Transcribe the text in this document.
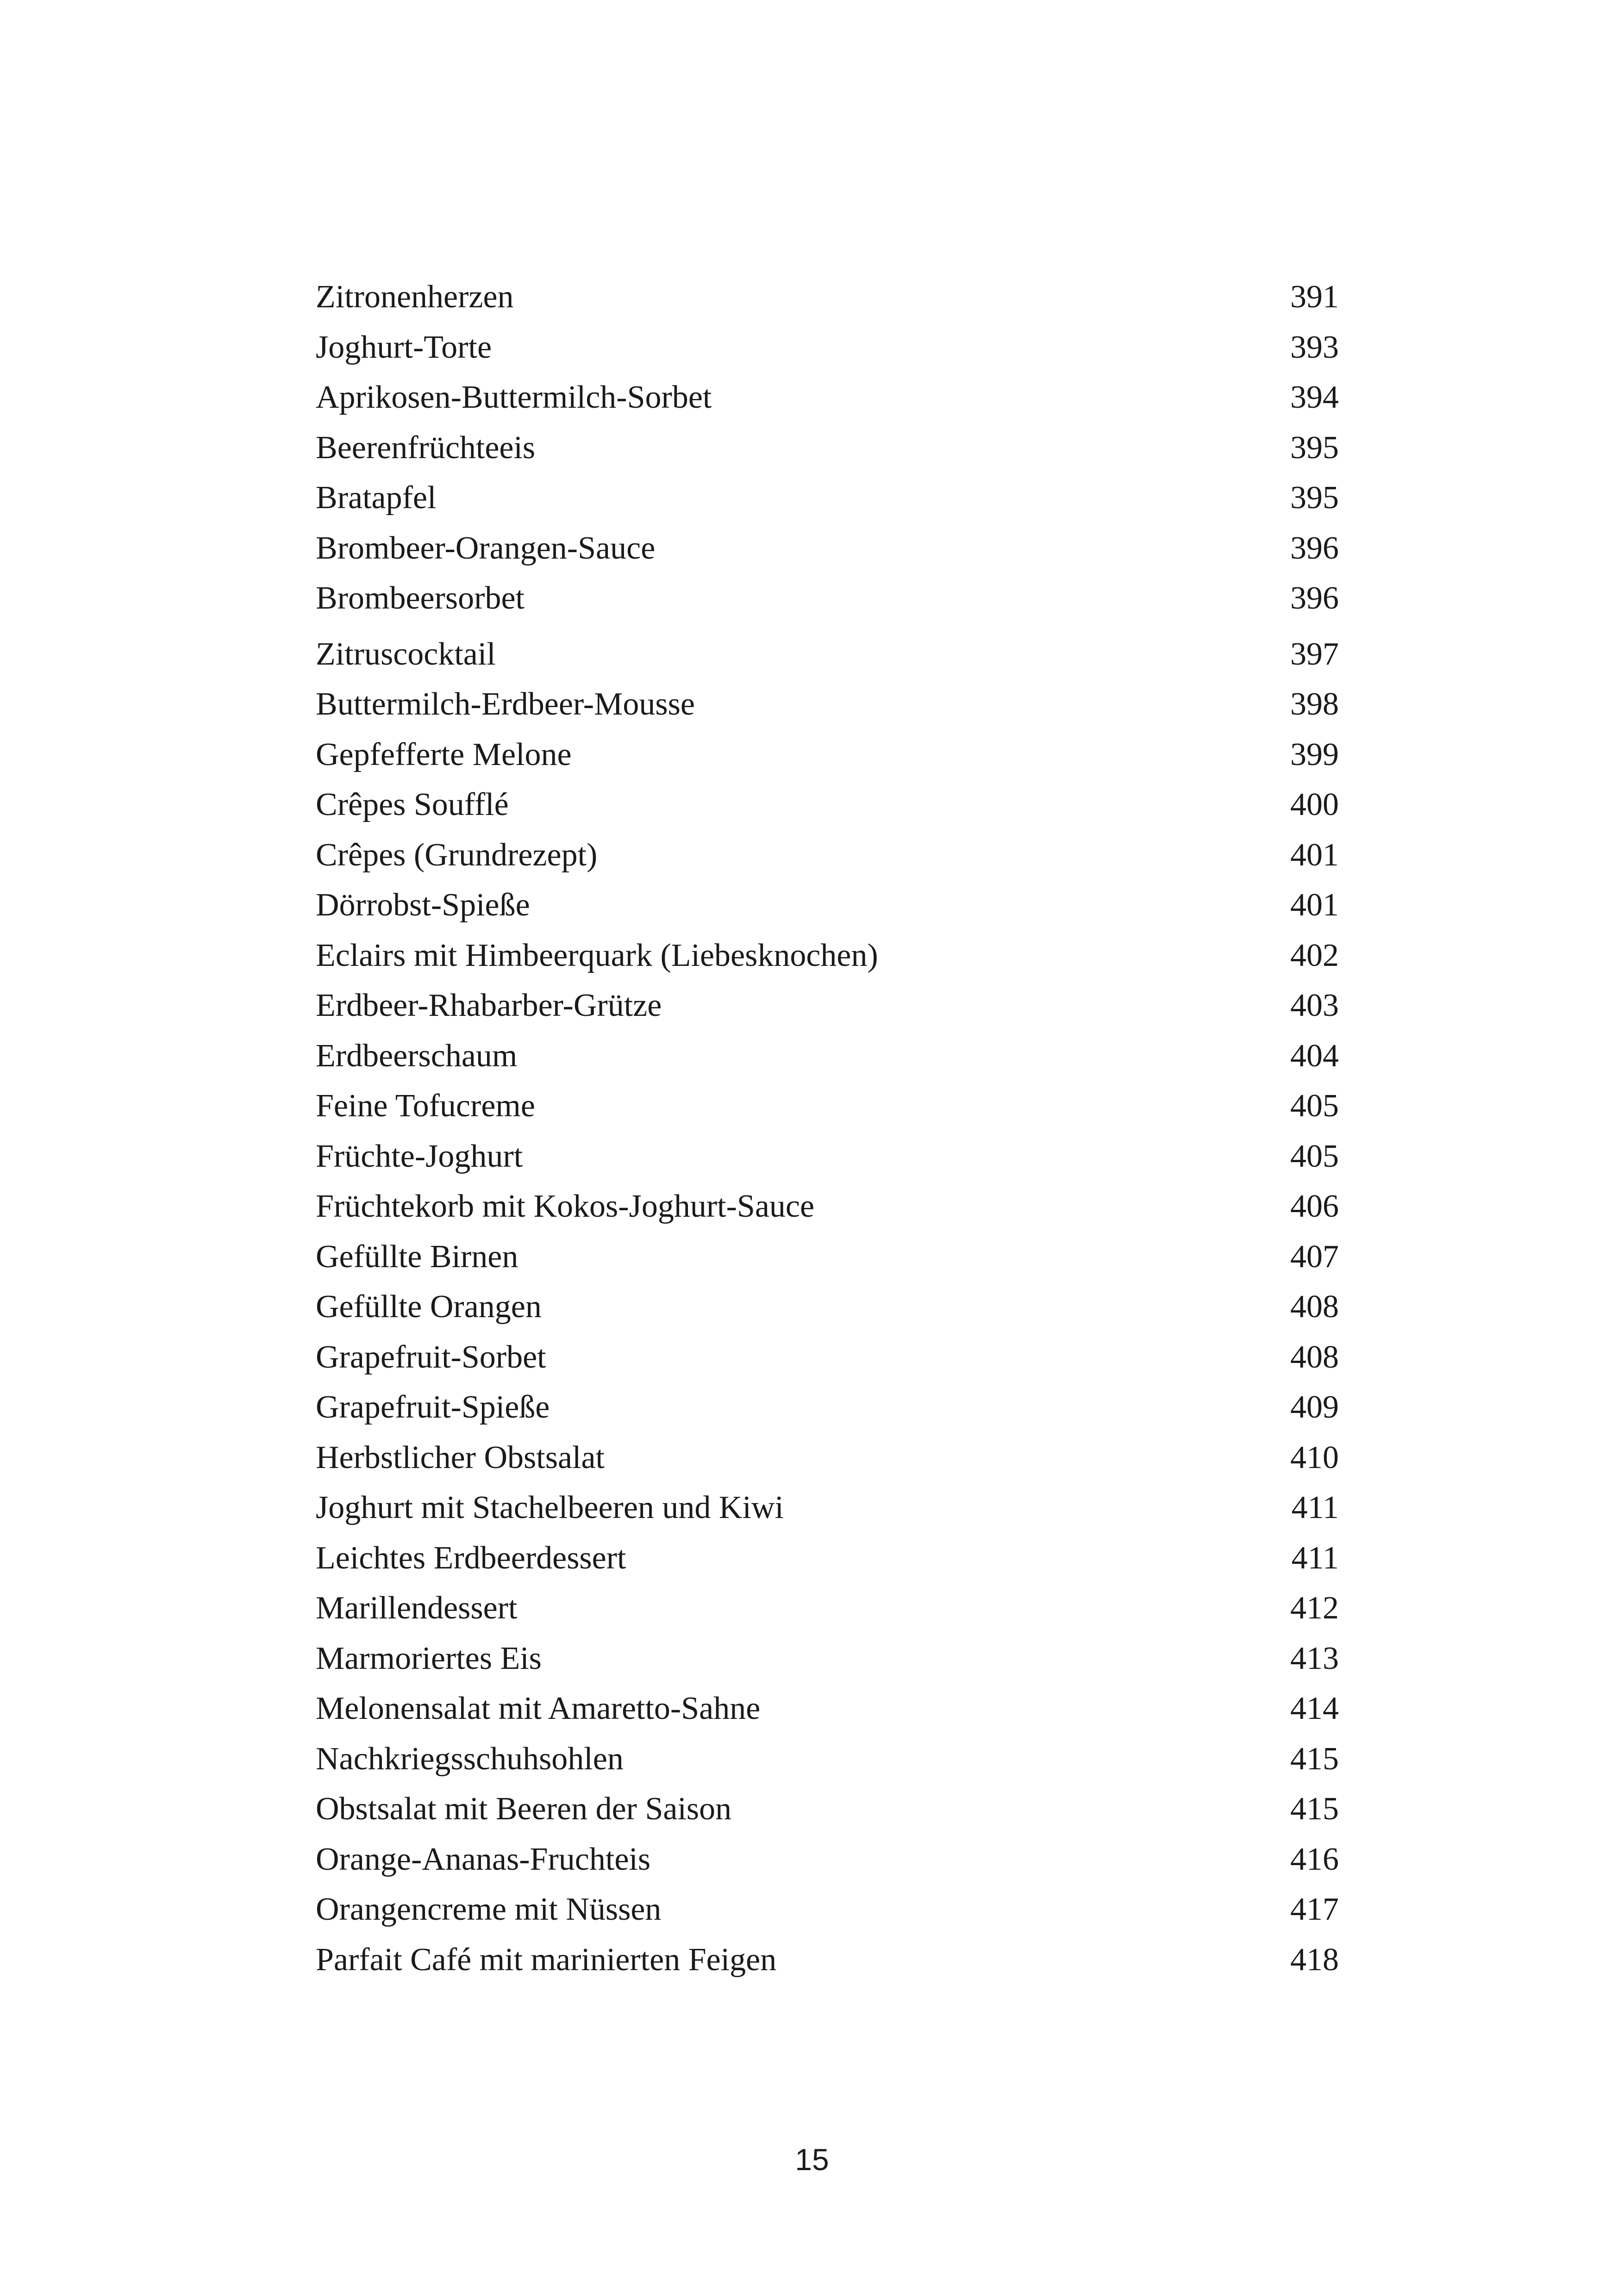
Zitronenherzen	391
Joghurt-Torte	393
Aprikosen-Buttermilch-Sorbet	394
Beerenfrüchteeis	395
Bratapfel	395
Brombeer-Orangen-Sauce	396
Brombeersorbet	396
Zitruscocktail	397
Buttermilch-Erdbeer-Mousse	398
Gepfefferte Melone	399
Crêpes Soufflé	400
Crêpes (Grundrezept)	401
Dörrobst-Spieße	401
Eclairs mit Himbeerquark (Liebesknochen)	402
Erdbeer-Rhabarber-Grütze	403
Erdbeerschaum	404
Feine Tofucreme	405
Früchte-Joghurt	405
Früchtekorb mit Kokos-Joghurt-Sauce	406
Gefüllte Birnen	407
Gefüllte Orangen	408
Grapefruit-Sorbet	408
Grapefruit-Spieße	409
Herbstlicher Obstsalat	410
Joghurt mit Stachelbeeren und Kiwi	411
Leichtes Erdbeerdessert	411
Marillendessert	412
Marmoriertes Eis	413
Melonensalat mit Amaretto-Sahne	414
Nachkriegsschuhsohlen	415
Obstsalat mit Beeren der Saison	415
Orange-Ananas-Fruchteis	416
Orangencreme mit Nüssen	417
Parfait Café mit marinierten Feigen	418
15
